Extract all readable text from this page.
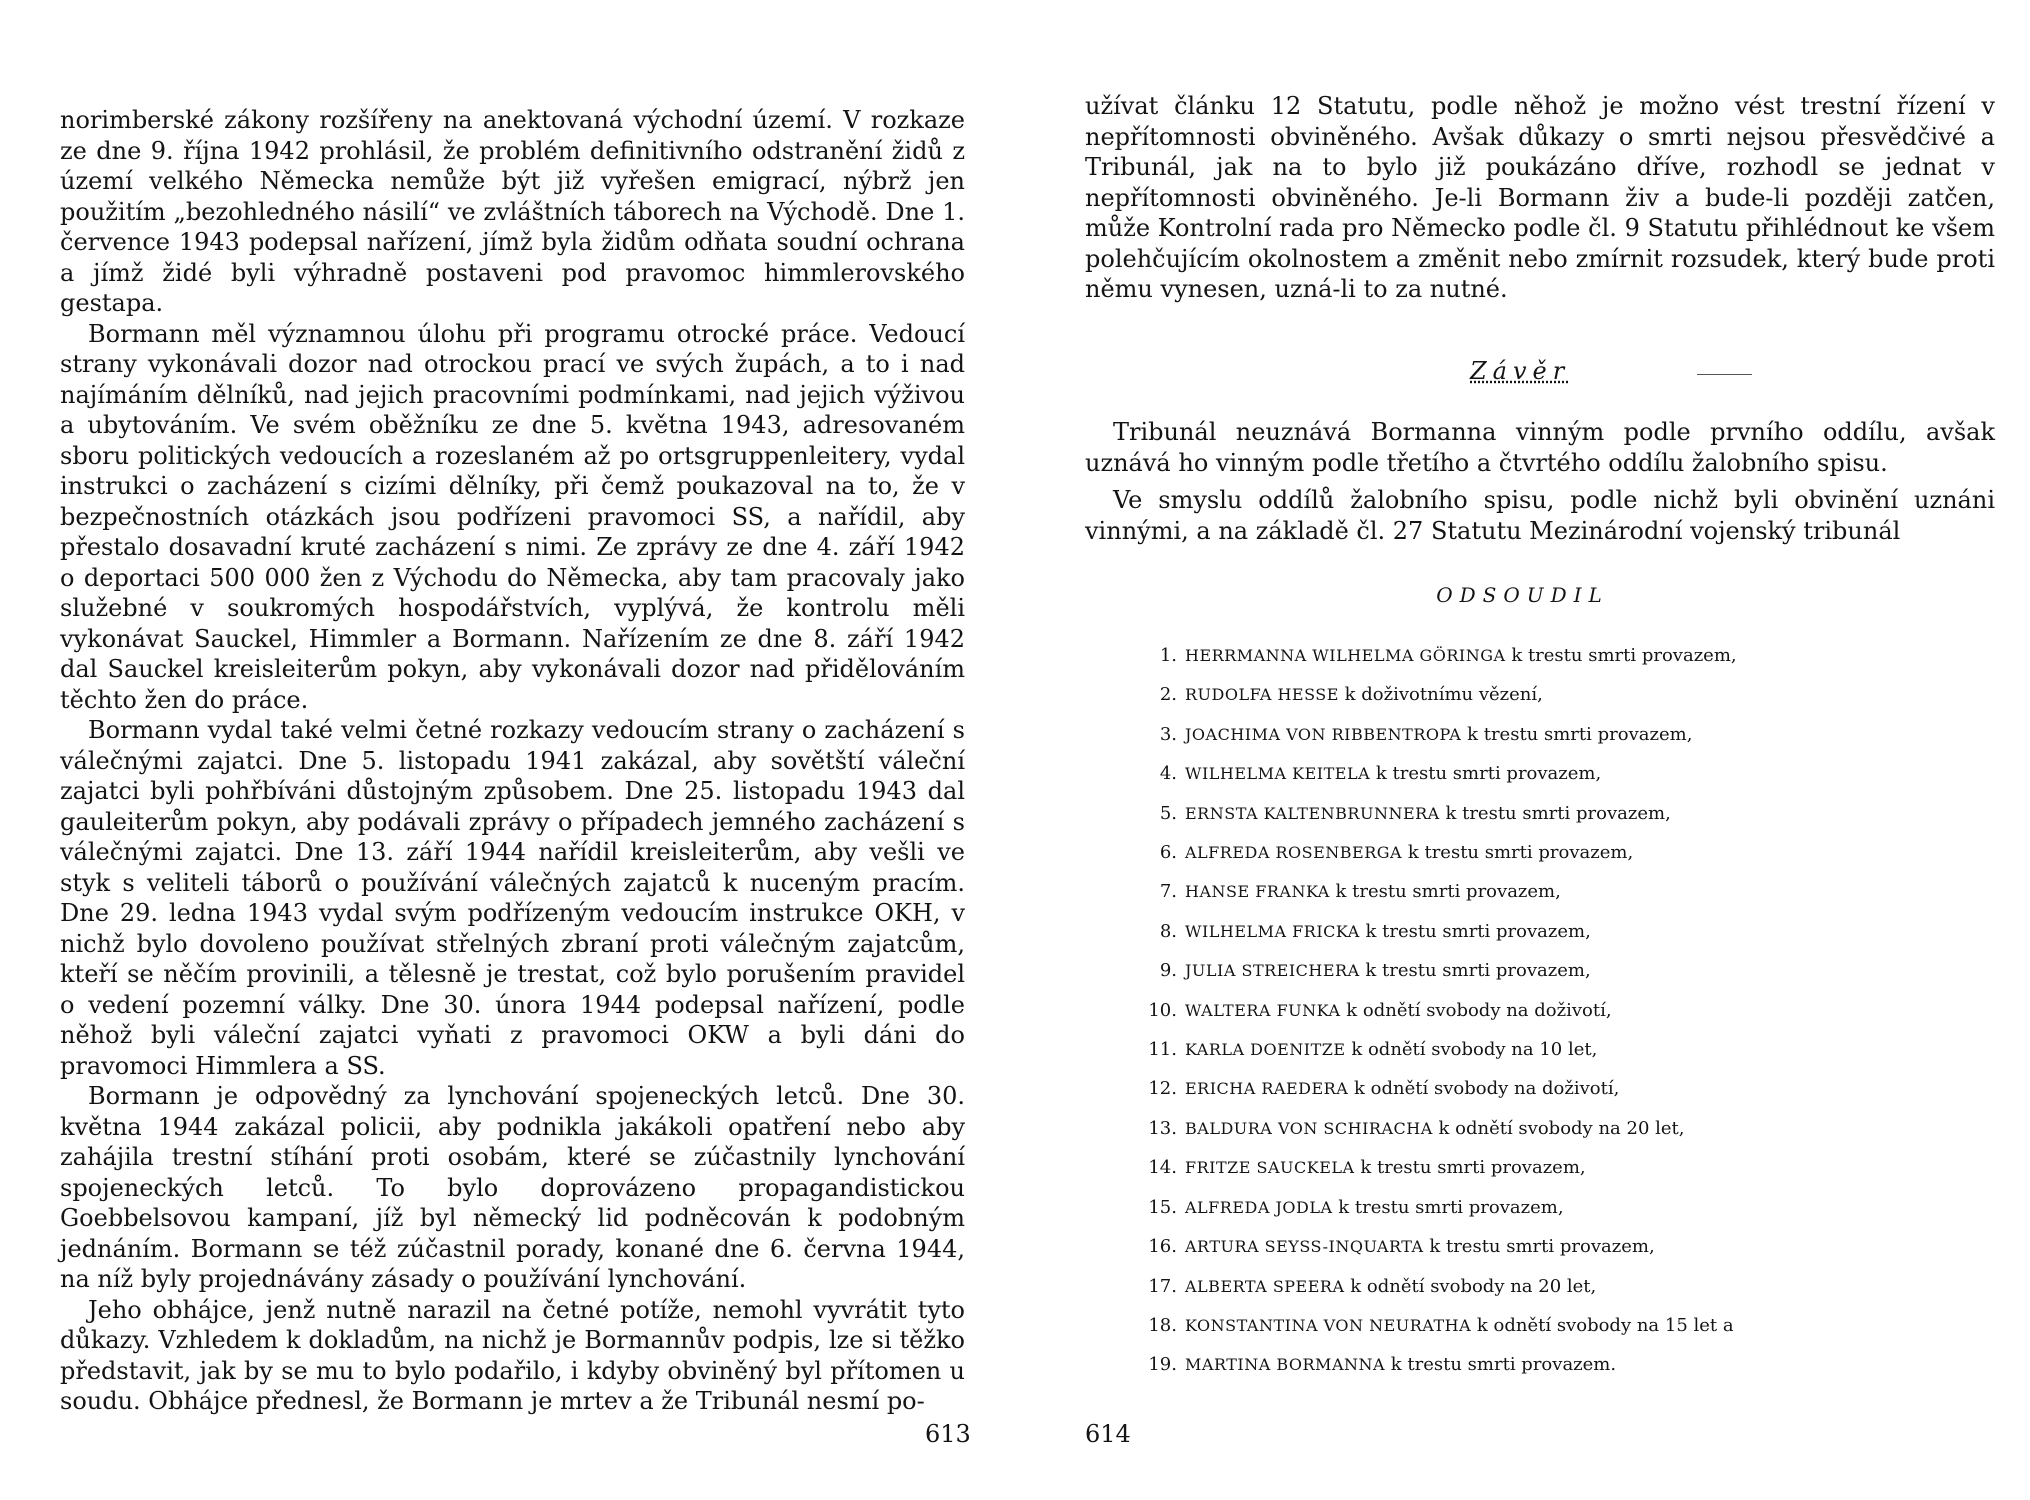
norimberské zákony rozšířeny na anektovaná východní území. V rozkaze ze dne 9. října 1942 prohlásil, že problém definitivního odstranění židů z území velkého Německa nemůže být již vyřešen emigrací, nýbrž jen použitím „bezohledného násilí“ ve zvláštních táborech na Východě. Dne 1. července 1943 podepsal nařízení, jímž byla židům odňata soudní ochrana a jímž židé byli výhradně postaveni pod pravomoc himmlerovského gestapa.

Bormann měl významnou úlohu při programu otrocké práce. Vedoucí strany vykonávali dozor nad otrockou prací ve svých župách, a to i nad najímáním dělníků, nad jejich pracovními podmínkami, nad jejich výživou a ubytováním. Ve svém oběžníku ze dne 5. května 1943, adresovaném sboru politických vedoucích a rozeslaném až po ortsgruppenleitery, vydal instrukci o zacházení s cizími dělníky, při čemž poukazoval na to, že v bezpečnostních otázkách jsou podřízeni pravomoci SS, a nařídil, aby přestalo dosavadní kruté zacházení s nimi. Ze zprávy ze dne 4. září 1942 o deportaci 500 000 žen z Východu do Německa, aby tam pracovaly jako služebné v soukromých hospodářstvích, vyplývá, že kontrolu měli vykonávat Sauckel, Himmler a Bormann. Nařízením ze dne 8. září 1942 dal Sauckel kreisleiterům pokyn, aby vykonávali dozor nad přidělováním těchto žen do práce.

Bormann vydal také velmi četné rozkazy vedoucím strany o zacházení s válečnými zajatci. Dne 5. listopadu 1941 zakázal, aby sovětští váleční zajatci byli pohřbíváni důstojným způsobem. Dne 25. listopadu 1943 dal gauleiterům pokyn, aby podávali zprávy o případech jemného zacházení s válečnými zajatci. Dne 13. září 1944 nařídil kreisleiterům, aby vešli ve styk s veliteli táborů o používání válečných zajatců k nuceným pracím. Dne 29. ledna 1943 vydal svým podřízeným vedoucím instrukce OKH, v nichž bylo dovoleno používat střelných zbraní proti válečným zajatcům, kteří se něčím provinili, a tělesně je trestat, což bylo porušením pravidel o vedení pozemní války. Dne 30. února 1944 podepsal nařízení, podle něhož byli váleční zajatci vyňati z pravomoci OKW a byli dáni do pravomoci Himmlera a SS.

Bormann je odpovědný za lynchování spojeneckých letců. Dne 30. května 1944 zakázal policii, aby podnikla jakákoli opatření nebo aby zahájila trestní stíhání proti osobám, které se zúčastnily lynchování spojeneckých letců. To bylo doprovázeno propagandistickou Goebbelsovou kampaní, jíž byl německý lid podněcován k podobným jednáním. Bormann se též zúčastnil porady, konané dne 6. června 1944, na níž byly projednávány zásady o používání lynchování.

Jeho obhájce, jenž nutně narazil na četné potíže, nemohl vyvrátit tyto důkazy. Vzhledem k dokladům, na nichž je Bormannův podpis, lze si těžko představit, jak by se mu to bylo podařilo, i kdyby obviněný byl přítomen u soudu. Obhájce přednesl, že Bormann je mrtev a že Tribunál nesmí po-

613

užívat článku 12 Statutu, podle něhož je možno vést trestní řízení v nepřítomnosti obviněného. Avšak důkazy o smrti nejsou přesvědčivé a Tribunál, jak na to bylo již poukázáno dříve, rozhodl se jednat v nepřítomnosti obviněného. Je-li Bormann živ a bude-li později zatčen, může Kontrolní rada pro Německo podle čl. 9 Statutu přihlédnout ke všem polehčujícím okolnostem a změnit nebo zmírnit rozsudek, který bude proti němu vynesen, uzná-li to za nutné.

Závěr

Tribunál neuznává Bormanna vinným podle prvního oddílu, avšak uznává ho vinným podle třetího a čtvrtého oddílu žalobního spisu.

Ve smyslu oddílů žalobního spisu, podle nichž byli obvinění uznáni vinnými, a na základě čl. 27 Statutu Mezinárodní vojenský tribunál

ODSOUDIL
1. HERRMANNA WILHELMA GÖRINGA k trestu smrti provazem,
2. RUDOLFA HESSE k doživotnímu vězení,
3. JOACHIMA VON RIBBENTROPA k trestu smrti provazem,
4. WILHELMA KEITELA k trestu smrti provazem,
5. ERNSTA KALTENBRUNNERA k trestu smrti provazem,
6. ALFREDA ROSENBERGA k trestu smrti provazem,
7. HANSE FRANKA k trestu smrti provazem,
8. WILHELMA FRICKA k trestu smrti provazem,
9. JULIA STREICHERA k trestu smrti provazem,
10. WALTERA FUNKA k odnětí svobody na doživotí,
11. KARLA DOENITZE k odnětí svobody na 10 let,
12. ERICHA RAEDERA k odnětí svobody na doživotí,
13. BALDURA VON SCHIRACHA k odnětí svobody na 20 let,
14. FRITZE SAUCKELA k trestu smrti provazem,
15. ALFREDA JODLA k trestu smrti provazem,
16. ARTURA SEYSS-INQUARTA k trestu smrti provazem,
17. ALBERTA SPEERA k odnětí svobody na 20 let,
18. KONSTANTINA VON NEURATHA k odnětí svobody na 15 let a
19. MARTINA BORMANNA k trestu smrti provazem.
614
